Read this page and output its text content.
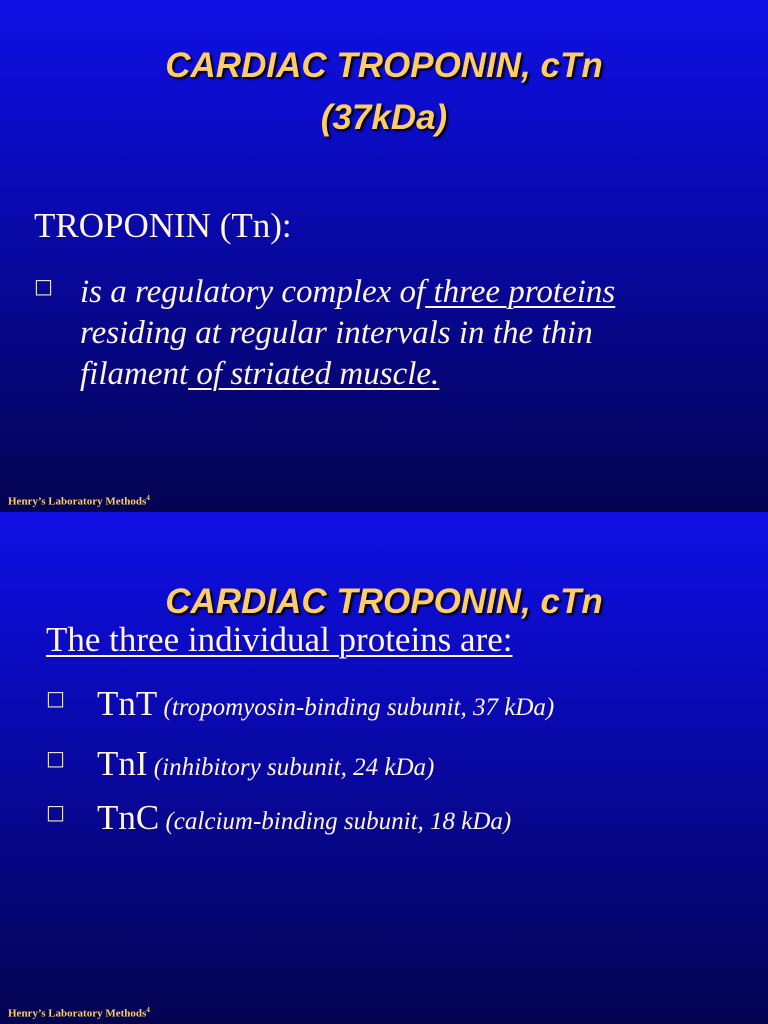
CARDIAC TROPONIN, cTn
(37kDa)
TROPONIN (Tn):
□ is a regulatory complex of three proteins
residing at regular intervals in the thin
filament of striated muscle.
Henry’s Laboratory Methods$^4$
CARDIAC TROPONIN, cTn
The three individual proteins are:
□ TnT (tropomyosin-binding subunit, 37 kDa)
□ TnI (inhibitory subunit, 24 kDa)
□ TnC (calcium-binding subunit, 18 kDa)
Henry’s Laboratory Methods$^4$
